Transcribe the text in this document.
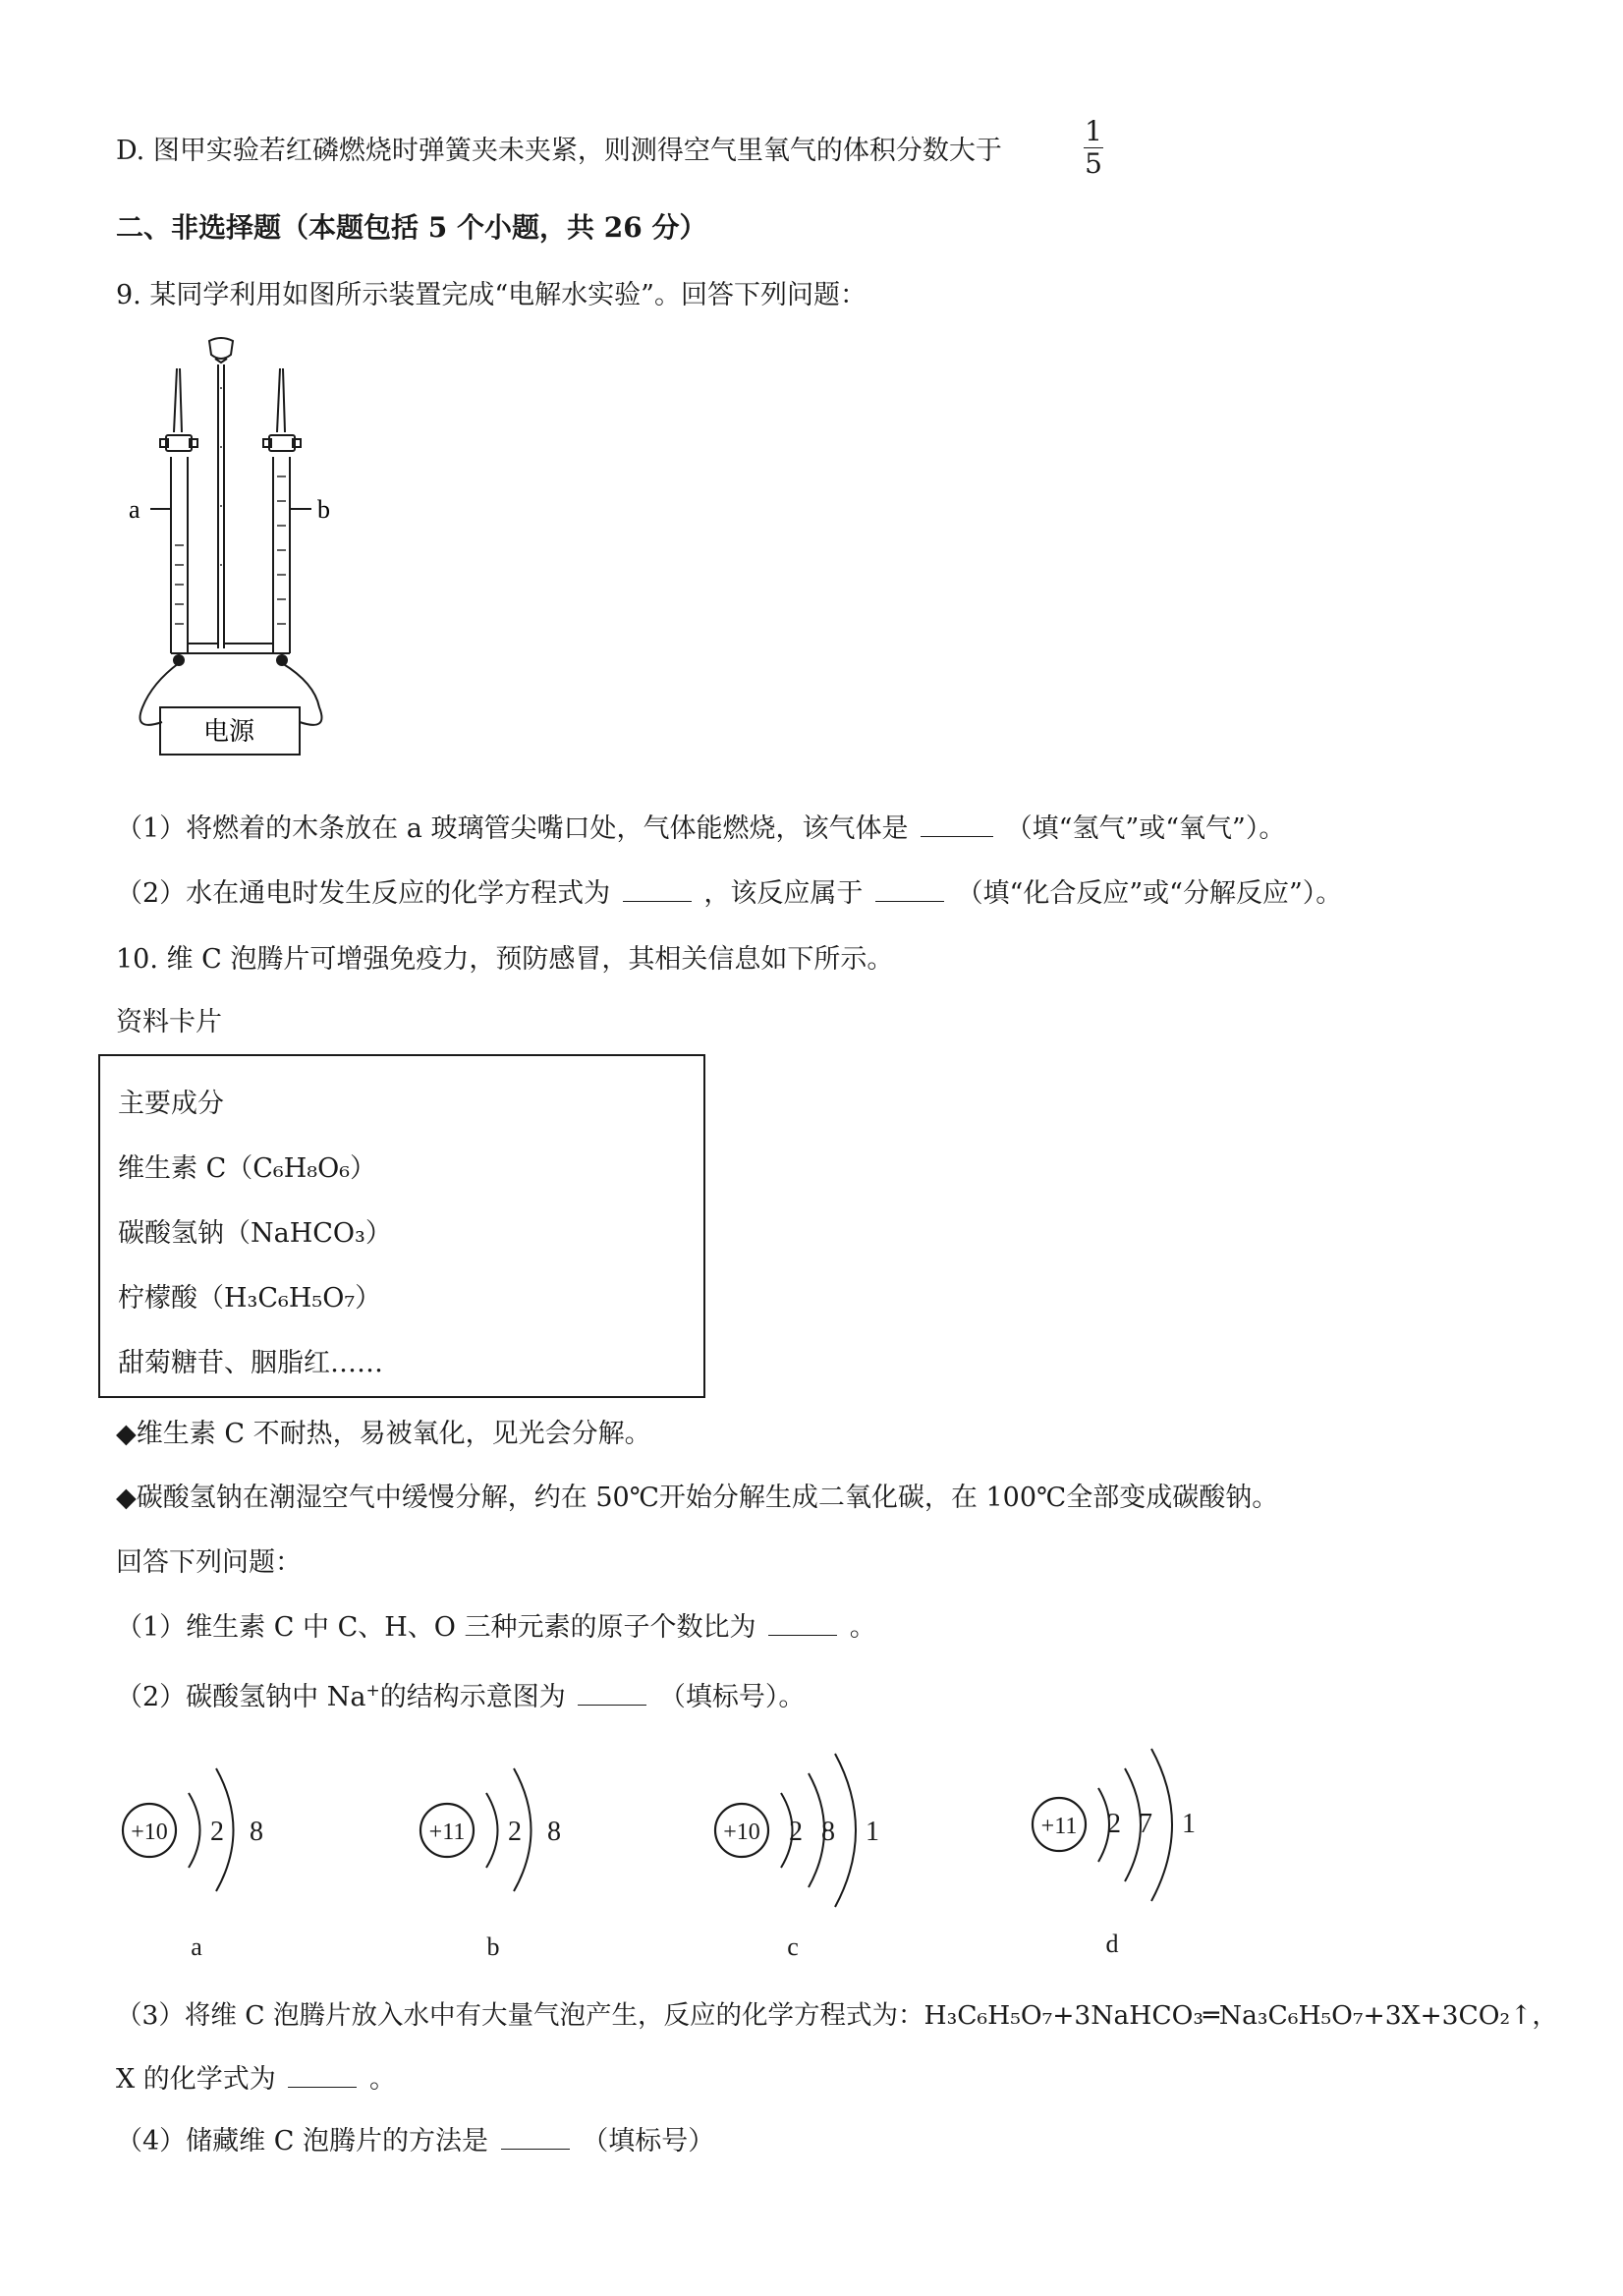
D. 图甲实验若红磷燃烧时弹簧夹未夹紧，则测得空气里氧气的体积分数大于
1
5
二、非选择题（本题包括 5 个小题，共 26 分）
9. 某同学利用如图所示装置完成“电解水实验”。回答下列问题：
a	b
电源
（1）将燃着的木条放在 a 玻璃管尖嘴口处，气体能燃烧，该气体是	（填“氢气”或“氧气”）。
（2）水在通电时发生反应的化学方程式为	，该反应属于	（填“化合反应”或“分解反应”）。
10. 维 C 泡腾片可增强免疫力，预防感冒，其相关信息如下所示。
资料卡片
主要成分
维生素 C（C₆H₈O₆）
碳酸氢钠（NaHCO₃）
柠檬酸（H₃C₆H₅O₇）
甜菊糖苷、胭脂红……
◆维生素 C 不耐热，易被氧化，见光会分解。
◆碳酸氢钠在潮湿空气中缓慢分解，约在 50℃开始分解生成二氧化碳，在 100℃全部变成碳酸钠。
回答下列问题：
（1）维生素 C 中 C、H、O 三种元素的原子个数比为	。
（2）碳酸氢钠中 Na+的结构示意图为	（填标号）。
+10 2 8
a
+11 2 8
b
+10 2 8 1
c
+11 2 7 1
d
（3）将维 C 泡腾片放入水中有大量气泡产生，反应的化学方程式为：H₃C₆H₅O₇+3NaHCO₃═Na₃C₆H₅O₇+3X+3CO₂↑，
X 的化学式为	。
（4）储藏维 C 泡腾片的方法是	（填标号）
